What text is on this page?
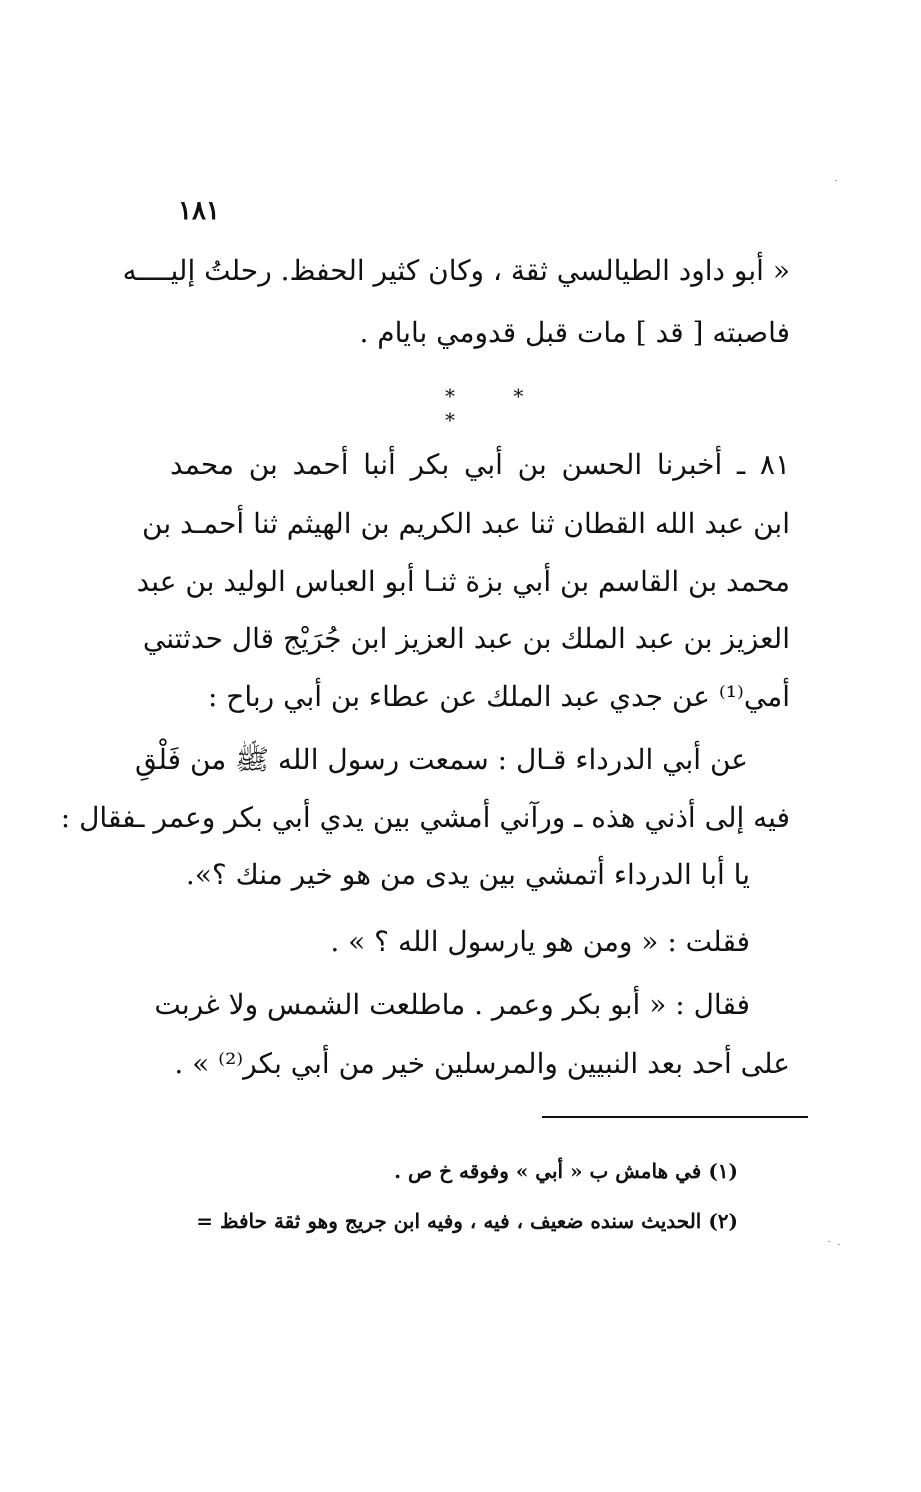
١٨١
« أبو داود الطيالسي ثقة ، وكان كثير الحفظ. رحلتُ إليــــه
فاصبته [ قد ] مات قبل قدومي بايام .
* * *
٨١ ـ أخبرنا الحسن بن أبي بكر أنبا أحمد بن محمد
ابن عبد الله القطان ثنا عبد الكريم بن الهيثم ثنا أحمـد بن
محمد بن القاسم بن أبي بزة ثنـا أبو العباس الوليد بن عبد
العزيز بن عبد الملك بن عبد العزيز ابن جُرَيْج قال حدثتني
أمي⁽¹⁾ عن جدي عبد الملك عن عطاء بن أبي رباح :
عن أبي الدرداء قـال : سمعت رسول الله ﷺ من فَلْقِ
فيه إلى أذني هذه ـ ورآني أمشي بين يدي أبي بكر وعمر ـفقال :
يا أبا الدرداء أتمشي بين يدى من هو خير منك ؟».
فقلت : « ومن هو يارسول الله ؟ » .
فقال : « أبو بكر وعمر . ماطلعت الشمس ولا غربت
على أحد بعد النبيين والمرسلين خير من أبي بكر⁽²⁾ » .
(١) في هامش ب « أبي » وفوقه خ ص .
(٢) الحديث سنده ضعيف ، فيه ، وفيه ابن جريج وهو ثقة حافظ =
